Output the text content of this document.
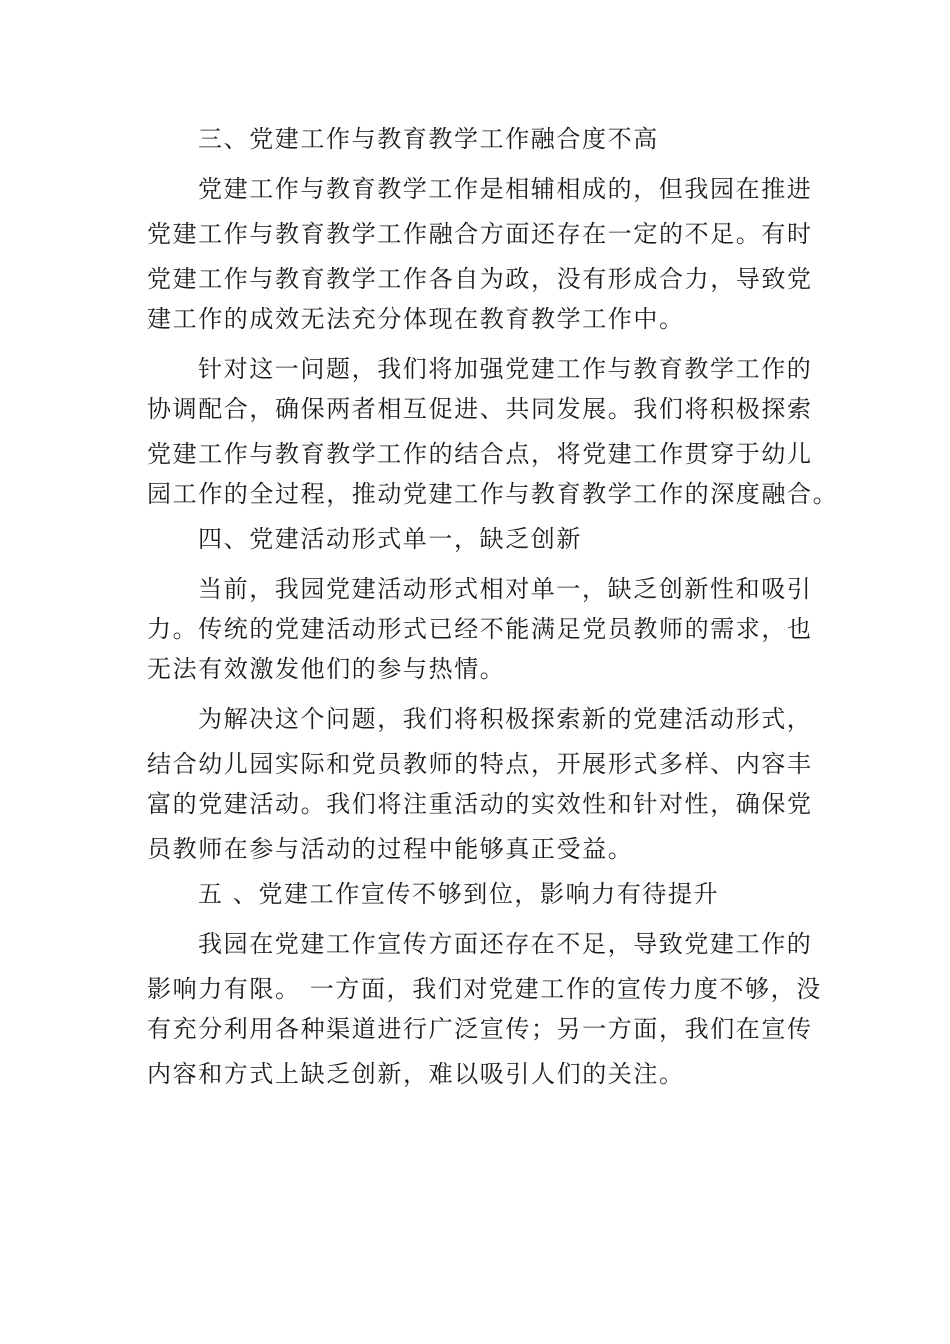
三、党建工作与教育教学工作融合度不高
党建工作与教育教学工作是相辅相成的，但我园在推进
党建工作与教育教学工作融合方面还存在一定的不足。有时
党建工作与教育教学工作各自为政，没有形成合力，导致党
建工作的成效无法充分体现在教育教学工作中。
针对这一问题，我们将加强党建工作与教育教学工作的
协调配合，确保两者相互促进、共同发展。我们将积极探索
党建工作与教育教学工作的结合点，将党建工作贯穿于幼儿
园工作的全过程，推动党建工作与教育教学工作的深度融合。
四、党建活动形式单一，缺乏创新
当前，我园党建活动形式相对单一，缺乏创新性和吸引
力。传统的党建活动形式已经不能满足党员教师的需求，也
无法有效激发他们的参与热情。
为解决这个问题，我们将积极探索新的党建活动形式，
结合幼儿园实际和党员教师的特点，开展形式多样、内容丰
富的党建活动。我们将注重活动的实效性和针对性，确保党
员教师在参与活动的过程中能够真正受益。
五 、党建工作宣传不够到位，影响力有待提升
我园在党建工作宣传方面还存在不足，导致党建工作的
影响力有限。 一方面，我们对党建工作的宣传力度不够，没
有充分利用各种渠道进行广泛宣传；另一方面，我们在宣传
内容和方式上缺乏创新，难以吸引人们的关注。
